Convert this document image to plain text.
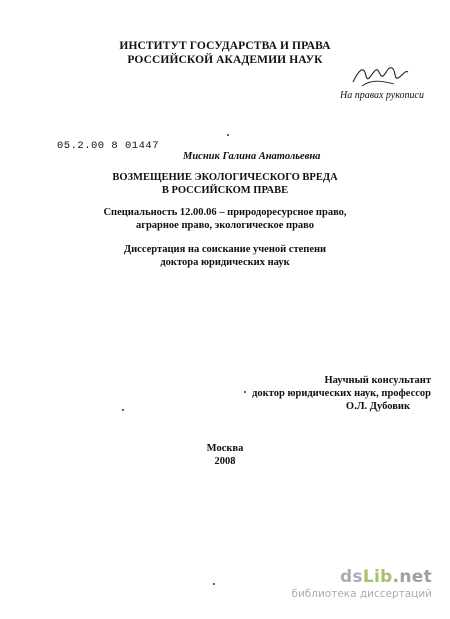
ИНСТИТУТ ГОСУДАРСТВА И ПРАВА
РОССИЙСКОЙ АКАДЕМИИ НАУК
На правах рукописи
05.2.00 8 01447
Мисник Галина Анатольевна
ВОЗМЕЩЕНИЕ ЭКОЛОГИЧЕСКОГО ВРЕДА
В РОССИЙСКОМ ПРАВЕ
Специальность 12.00.06 – природоресурсное право,
аграрное право, экологическое право
Диссертация на соискание ученой степени
доктора юридических наук
Научный консультант
доктор юридических наук, профессор
О.Л. Дубовик
Москва
2008
dsLib.net
библиотека диссертаций
